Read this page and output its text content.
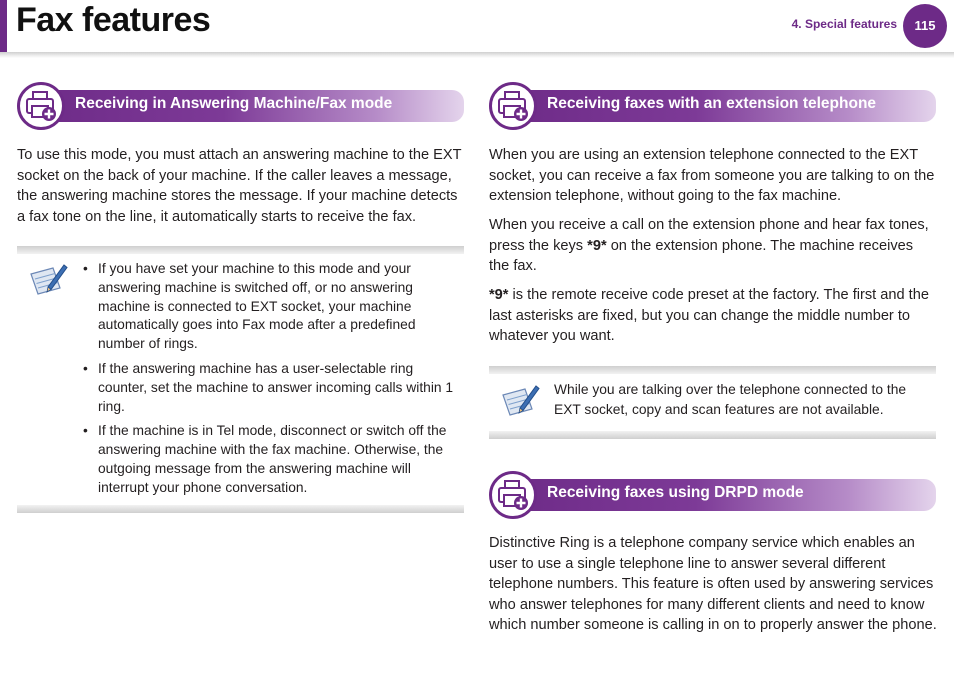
Fax features	4. Special features	115
Receiving in Answering Machine/Fax mode

To use this mode, you must attach an answering machine to the EXT socket on the back of your machine. If the caller leaves a message, the answering machine stores the message. If your machine detects a fax tone on the line, it automatically starts to receive the fax.

• If you have set your machine to this mode and your answering machine is switched off, or no answering machine is connected to EXT socket, your machine automatically goes into Fax mode after a predefined number of rings.
• If the answering machine has a user-selectable ring counter, set the machine to answer incoming calls within 1 ring.
• If the machine is in Tel mode, disconnect or switch off the answering machine with the fax machine. Otherwise, the outgoing message from the answering machine will interrupt your phone conversation.
Receiving faxes with an extension telephone

When you are using an extension telephone connected to the EXT socket, you can receive a fax from someone you are talking to on the extension telephone, without going to the fax machine.

When you receive a call on the extension phone and hear fax tones, press the keys *9* on the extension phone. The machine receives the fax.

*9* is the remote receive code preset at the factory. The first and the last asterisks are fixed, but you can change the middle number to whatever you want.

While you are talking over the telephone connected to the EXT socket, copy and scan features are not available.

Receiving faxes using DRPD mode

Distinctive Ring is a telephone company service which enables an user to use a single telephone line to answer several different telephone numbers. This feature is often used by answering services who answer telephones for many different clients and need to know which number someone is calling in on to properly answer the phone.
